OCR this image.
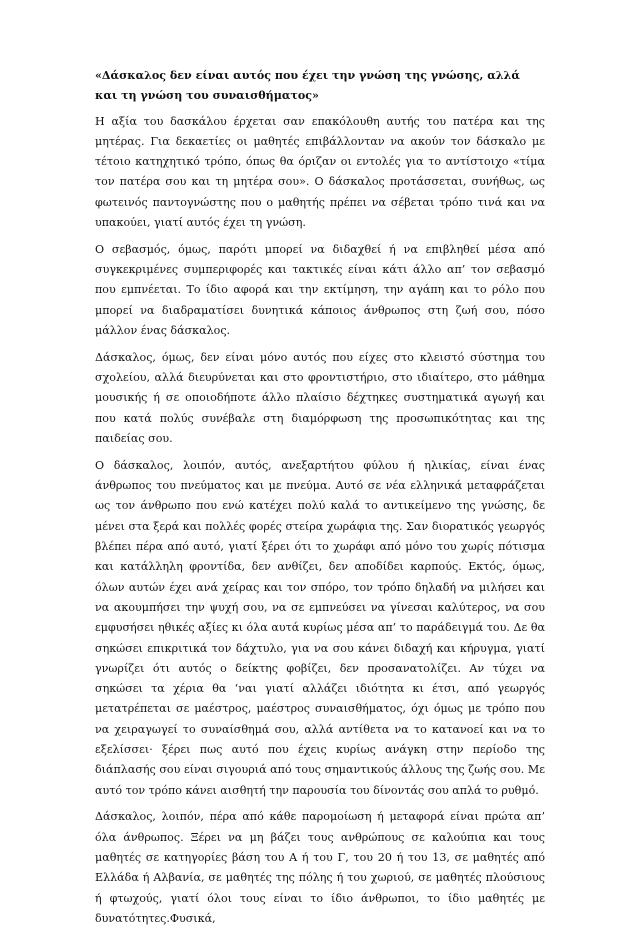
«Δάσκαλος δεν είναι αυτός που έχει την γνώση της γνώσης, αλλά και τη γνώση του συναισθήματος»
Η αξία του δασκάλου έρχεται σαν επακόλουθη αυτής του πατέρα και της μητέρας. Για δεκαετίες οι μαθητές επιβάλλονταν να ακούν τον δάσκαλο με τέτοιο κατηχητικό τρόπο, όπως θα όριζαν οι εντολές για το αντίστοιχο «τίμα τον πατέρα σου και τη μητέρα σου». Ο δάσκαλος προτάσσεται, συνήθως, ως φωτεινός παντογνώστης που ο μαθητής πρέπει να σέβεται τρόπο τινά και να υπακούει, γιατί αυτός έχει τη γνώση.
Ο σεβασμός, όμως, παρότι μπορεί να διδαχθεί ή να επιβληθεί μέσα από συγκεκριμένες συμπεριφορές και τακτικές είναι κάτι άλλο απ’ τον σεβασμό που εμπνέεται. Το ίδιο αφορά και την εκτίμηση, την αγάπη και το ρόλο που μπορεί να διαδραματίσει δυνητικά κάποιος άνθρωπος στη ζωή σου, πόσο μάλλον ένας δάσκαλος.
Δάσκαλος, όμως, δεν είναι μόνο αυτός που είχες στο κλειστό σύστημα του σχολείου, αλλά διευρύνεται και στο φροντιστήριο, στο ιδιαίτερο, στο μάθημα μουσικής ή σε οποιοδήποτε άλλο πλαίσιο δέχτηκες συστηματικά αγωγή και που κατά πολύς συνέβαλε στη διαμόρφωση της προσωπικότητας και της παιδείας σου.
Ο δάσκαλος, λοιπόν, αυτός, ανεξαρτήτου φύλου ή ηλικίας, είναι ένας άνθρωπος του πνεύματος και με πνεύμα. Αυτό σε νέα ελληνικά μεταφράζεται ως τον άνθρωπο που ενώ κατέχει πολύ καλά το αντικείμενο της γνώσης, δε μένει στα ξερά και πολλές φορές στείρα χωράφια της. Σαν διορατικός γεωργός βλέπει πέρα από αυτό, γιατί ξέρει ότι το χωράφι από μόνο του χωρίς πότισμα και κατάλληλη φροντίδα, δεν ανθίζει, δεν αποδίδει καρπούς. Εκτός, όμως, όλων αυτών έχει ανά χείρας και τον σπόρο, τον τρόπο δηλαδή να μιλήσει και να ακουμπήσει την ψυχή σου, να σε εμπνεύσει να γίνεσαι καλύτερος, να σου εμφυσήσει ηθικές αξίες κι όλα αυτά κυρίως μέσα απ’ το παράδειγμά του. Δε θα σηκώσει επικριτικά τον δάχτυλο, για να σου κάνει διδαχή και κήρυγμα, γιατί γνωρίζει ότι αυτός ο δείκτης φοβίζει, δεν προσανατολίζει. Αν τύχει να σηκώσει τα χέρια θα ‘ναι γιατί αλλάζει ιδιότητα κι έτσι, από γεωργός μετατρέπεται σε μαέστρος, μαέστρος συναισθήματος, όχι όμως με τρόπο που να χειραγωγεί το συναίσθημά σου, αλλά αντίθετα να το κατανοεί και να το εξελίσσει· ξέρει πως αυτό που έχεις κυρίως ανάγκη στην περίοδο της διάπλασής σου είναι σιγουριά από τους σημαντικούς άλλους της ζωής σου. Με αυτό τον τρόπο κάνει αισθητή την παρουσία του δίνοντάς σου απλά το ρυθμό.
Δάσκαλος, λοιπόν, πέρα από κάθε παρομοίωση ή μεταφορά είναι πρώτα απ’ όλα άνθρωπος. Ξέρει να μη βάζει τους ανθρώπους σε καλούπια και τους μαθητές σε κατηγορίες βάση του Α ή του Γ, του 20 ή του 13, σε μαθητές από Ελλάδα ή Αλβανία, σε μαθητές της πόλης ή του χωριού, σε μαθητές πλούσιους ή φτωχούς, γιατί όλοι τους είναι το ίδιο άνθρωποι, το ίδιο μαθητές με δυνατότητες.Φυσικά,
